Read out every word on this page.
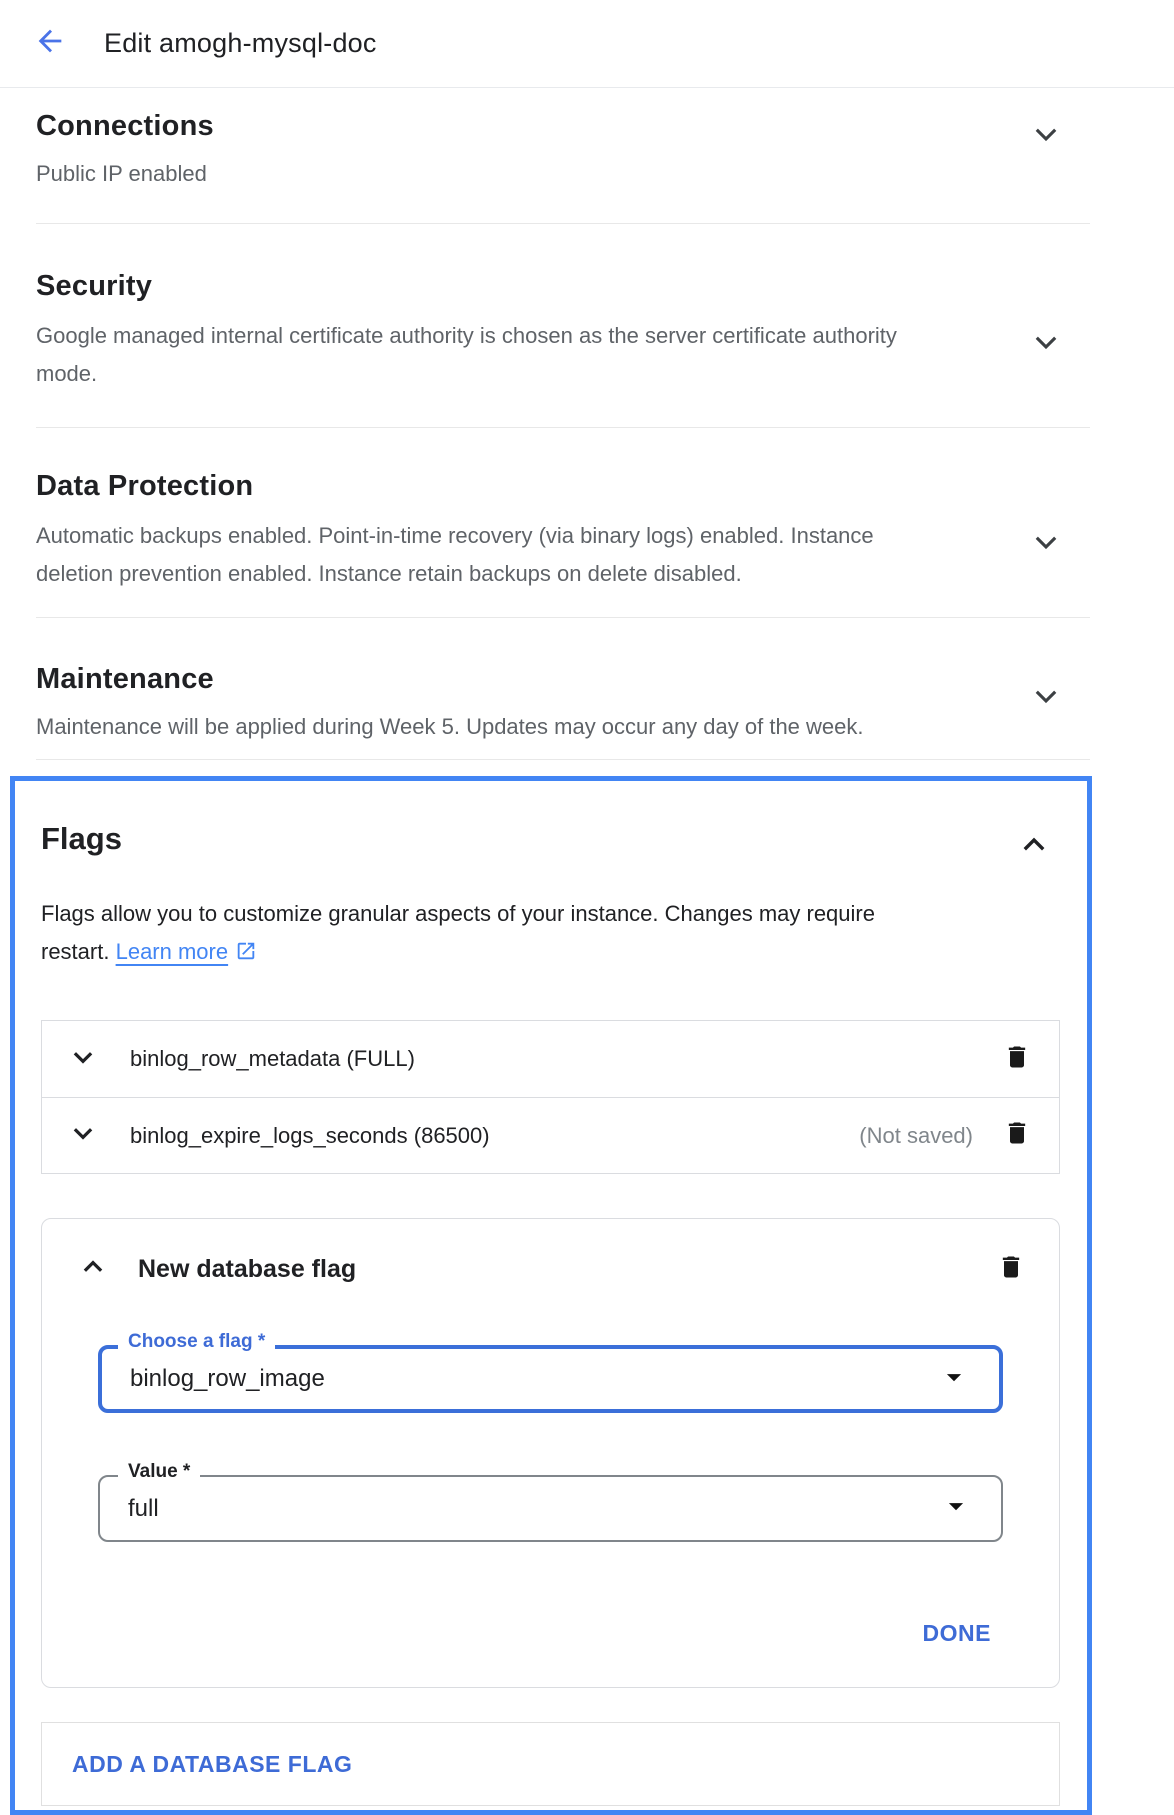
Edit amogh-mysql-doc
Connections
Public IP enabled
Security
Google managed internal certificate authority is chosen as the server certificate authority mode.
Data Protection
Automatic backups enabled. Point-in-time recovery (via binary logs) enabled. Instance deletion prevention enabled. Instance retain backups on delete disabled.
Maintenance
Maintenance will be applied during Week 5. Updates may occur any day of the week.
Flags
Flags allow you to customize granular aspects of your instance. Changes may require restart. Learn more
binlog_row_metadata (FULL)
binlog_expire_logs_seconds (86500)	(Not saved)
New database flag
Choose a flag *
binlog_row_image
Value *
full
DONE
ADD A DATABASE FLAG
